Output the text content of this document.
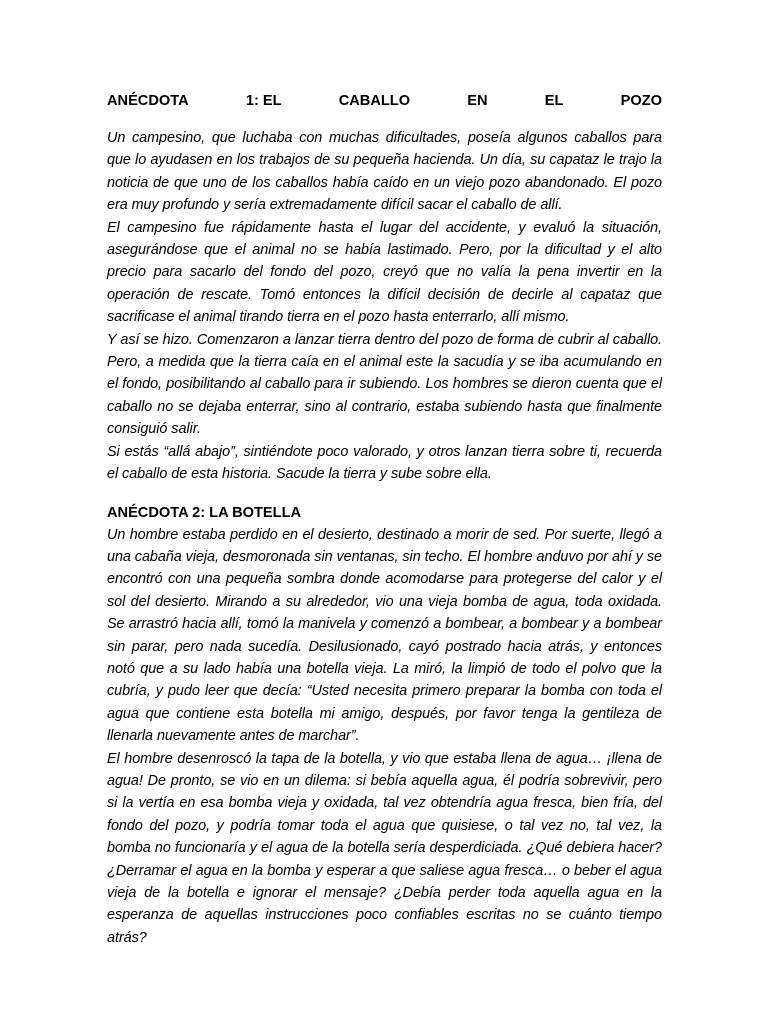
ANÉCDOTA	1: EL	CABALLO	EN	EL	POZO

Un campesino, que luchaba con muchas dificultades, poseía algunos caballos para que lo ayudasen en los trabajos de su pequeña hacienda. Un día, su capataz le trajo la noticia de que uno de los caballos había caído en un viejo pozo abandonado. El pozo era muy profundo y sería extremadamente difícil sacar el caballo de allí.

El campesino fue rápidamente hasta el lugar del accidente, y evaluó la situación, asegurándose que el animal no se había lastimado. Pero, por la dificultad y el alto precio para sacarlo del fondo del pozo, creyó que no valía la pena invertir en la operación de rescate. Tomó entonces la difícil decisión de decirle al capataz que sacrificase el animal tirando tierra en el pozo hasta enterrarlo, allí mismo.

Y así se hizo. Comenzaron a lanzar tierra dentro del pozo de forma de cubrir al caballo. Pero, a medida que la tierra caía en el animal este la sacudía y se iba acumulando en el fondo, posibilitando al caballo para ir subiendo. Los hombres se dieron cuenta que el caballo no se dejaba enterrar, sino al contrario, estaba subiendo hasta que finalmente consiguió salir.

Si estás “allá abajo”, sintiéndote poco valorado, y otros lanzan tierra sobre ti, recuerda el caballo de esta historia. Sacude la tierra y sube sobre ella.

ANÉCDOTA 2: LA BOTELLA

Un hombre estaba perdido en el desierto, destinado a morir de sed. Por suerte, llegó a una cabaña vieja, desmoronada sin ventanas, sin techo. El hombre anduvo por ahí y se encontró con una pequeña sombra donde acomodarse para protegerse del calor y el sol del desierto. Mirando a su alrededor, vio una vieja bomba de agua, toda oxidada. Se arrastró hacia allí, tomó la manivela y comenzó a bombear, a bombear y a bombear sin parar, pero nada sucedía. Desilusionado, cayó postrado hacia atrás, y entonces notó que a su lado había una botella vieja. La miró, la limpió de todo el polvo que la cubría, y pudo leer que decía: “Usted necesita primero preparar la bomba con toda el agua que contiene esta botella mi amigo, después, por favor tenga la gentileza de llenarla nuevamente antes de marchar”.

El hombre desenroscó la tapa de la botella, y vio que estaba llena de agua… ¡llena de agua! De pronto, se vio en un dilema: si bebía aquella agua, él podría sobrevivir, pero si la vertía en esa bomba vieja y oxidada, tal vez obtendría agua fresca, bien fría, del fondo del pozo, y podría tomar toda el agua que quisiese, o tal vez no, tal vez, la bomba no funcionaría y el agua de la botella sería desperdiciada. ¿Qué debiera hacer? ¿Derramar el agua en la bomba y esperar a que saliese agua fresca… o beber el agua vieja de la botella e ignorar el mensaje? ¿Debía perder toda aquella agua en la esperanza de aquellas instrucciones poco confiables escritas no se cuánto tiempo atrás?
